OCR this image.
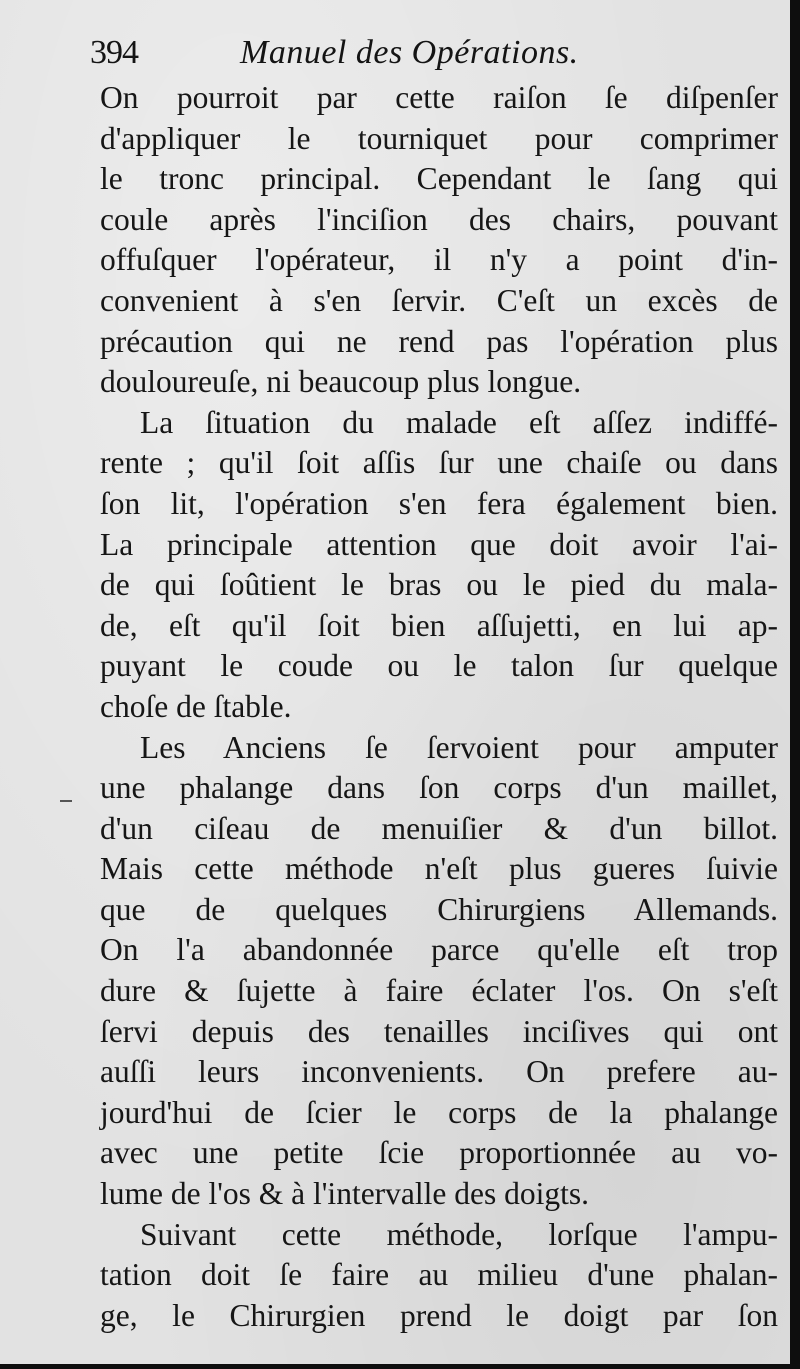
394	Manuel des Opérations.
On pourroit par cette raiſon ſe diſpenſer
d'appliquer le tourniquet pour comprimer
le tronc principal. Cependant le ſang qui
coule après l'inciſion des chairs, pouvant
offuſquer l'opérateur, il n'y a point d'in-
convenient à s'en ſervir. C'eſt un excès de
précaution qui ne rend pas l'opération plus
douloureuſe, ni beaucoup plus longue.
La ſituation du malade eſt aſſez indiffé-
rente ; qu'il ſoit aſſis ſur une chaiſe ou dans
ſon lit, l'opération s'en fera également bien.
La principale attention que doit avoir l'ai-
de qui ſoûtient le bras ou le pied du mala-
de, eſt qu'il ſoit bien aſſujetti, en lui ap-
puyant le coude ou le talon ſur quelque
choſe de ſtable.
Les Anciens ſe ſervoient pour amputer
une phalange dans ſon corps d'un maillet,
d'un ciſeau de menuiſier & d'un billot.
Mais cette méthode n'eſt plus gueres ſuivie
que de quelques Chirurgiens Allemands.
On l'a abandonnée parce qu'elle eſt trop
dure & ſujette à faire éclater l'os. On s'eſt
ſervi depuis des tenailles inciſives qui ont
auſſi leurs inconvenients. On prefere au-
jourd'hui de ſcier le corps de la phalange
avec une petite ſcie proportionnée au vo-
lume de l'os & à l'intervalle des doigts.
Suivant cette méthode, lorſque l'ampu-
tation doit ſe faire au milieu d'une phalan-
ge, le Chirurgien prend le doigt par ſon
